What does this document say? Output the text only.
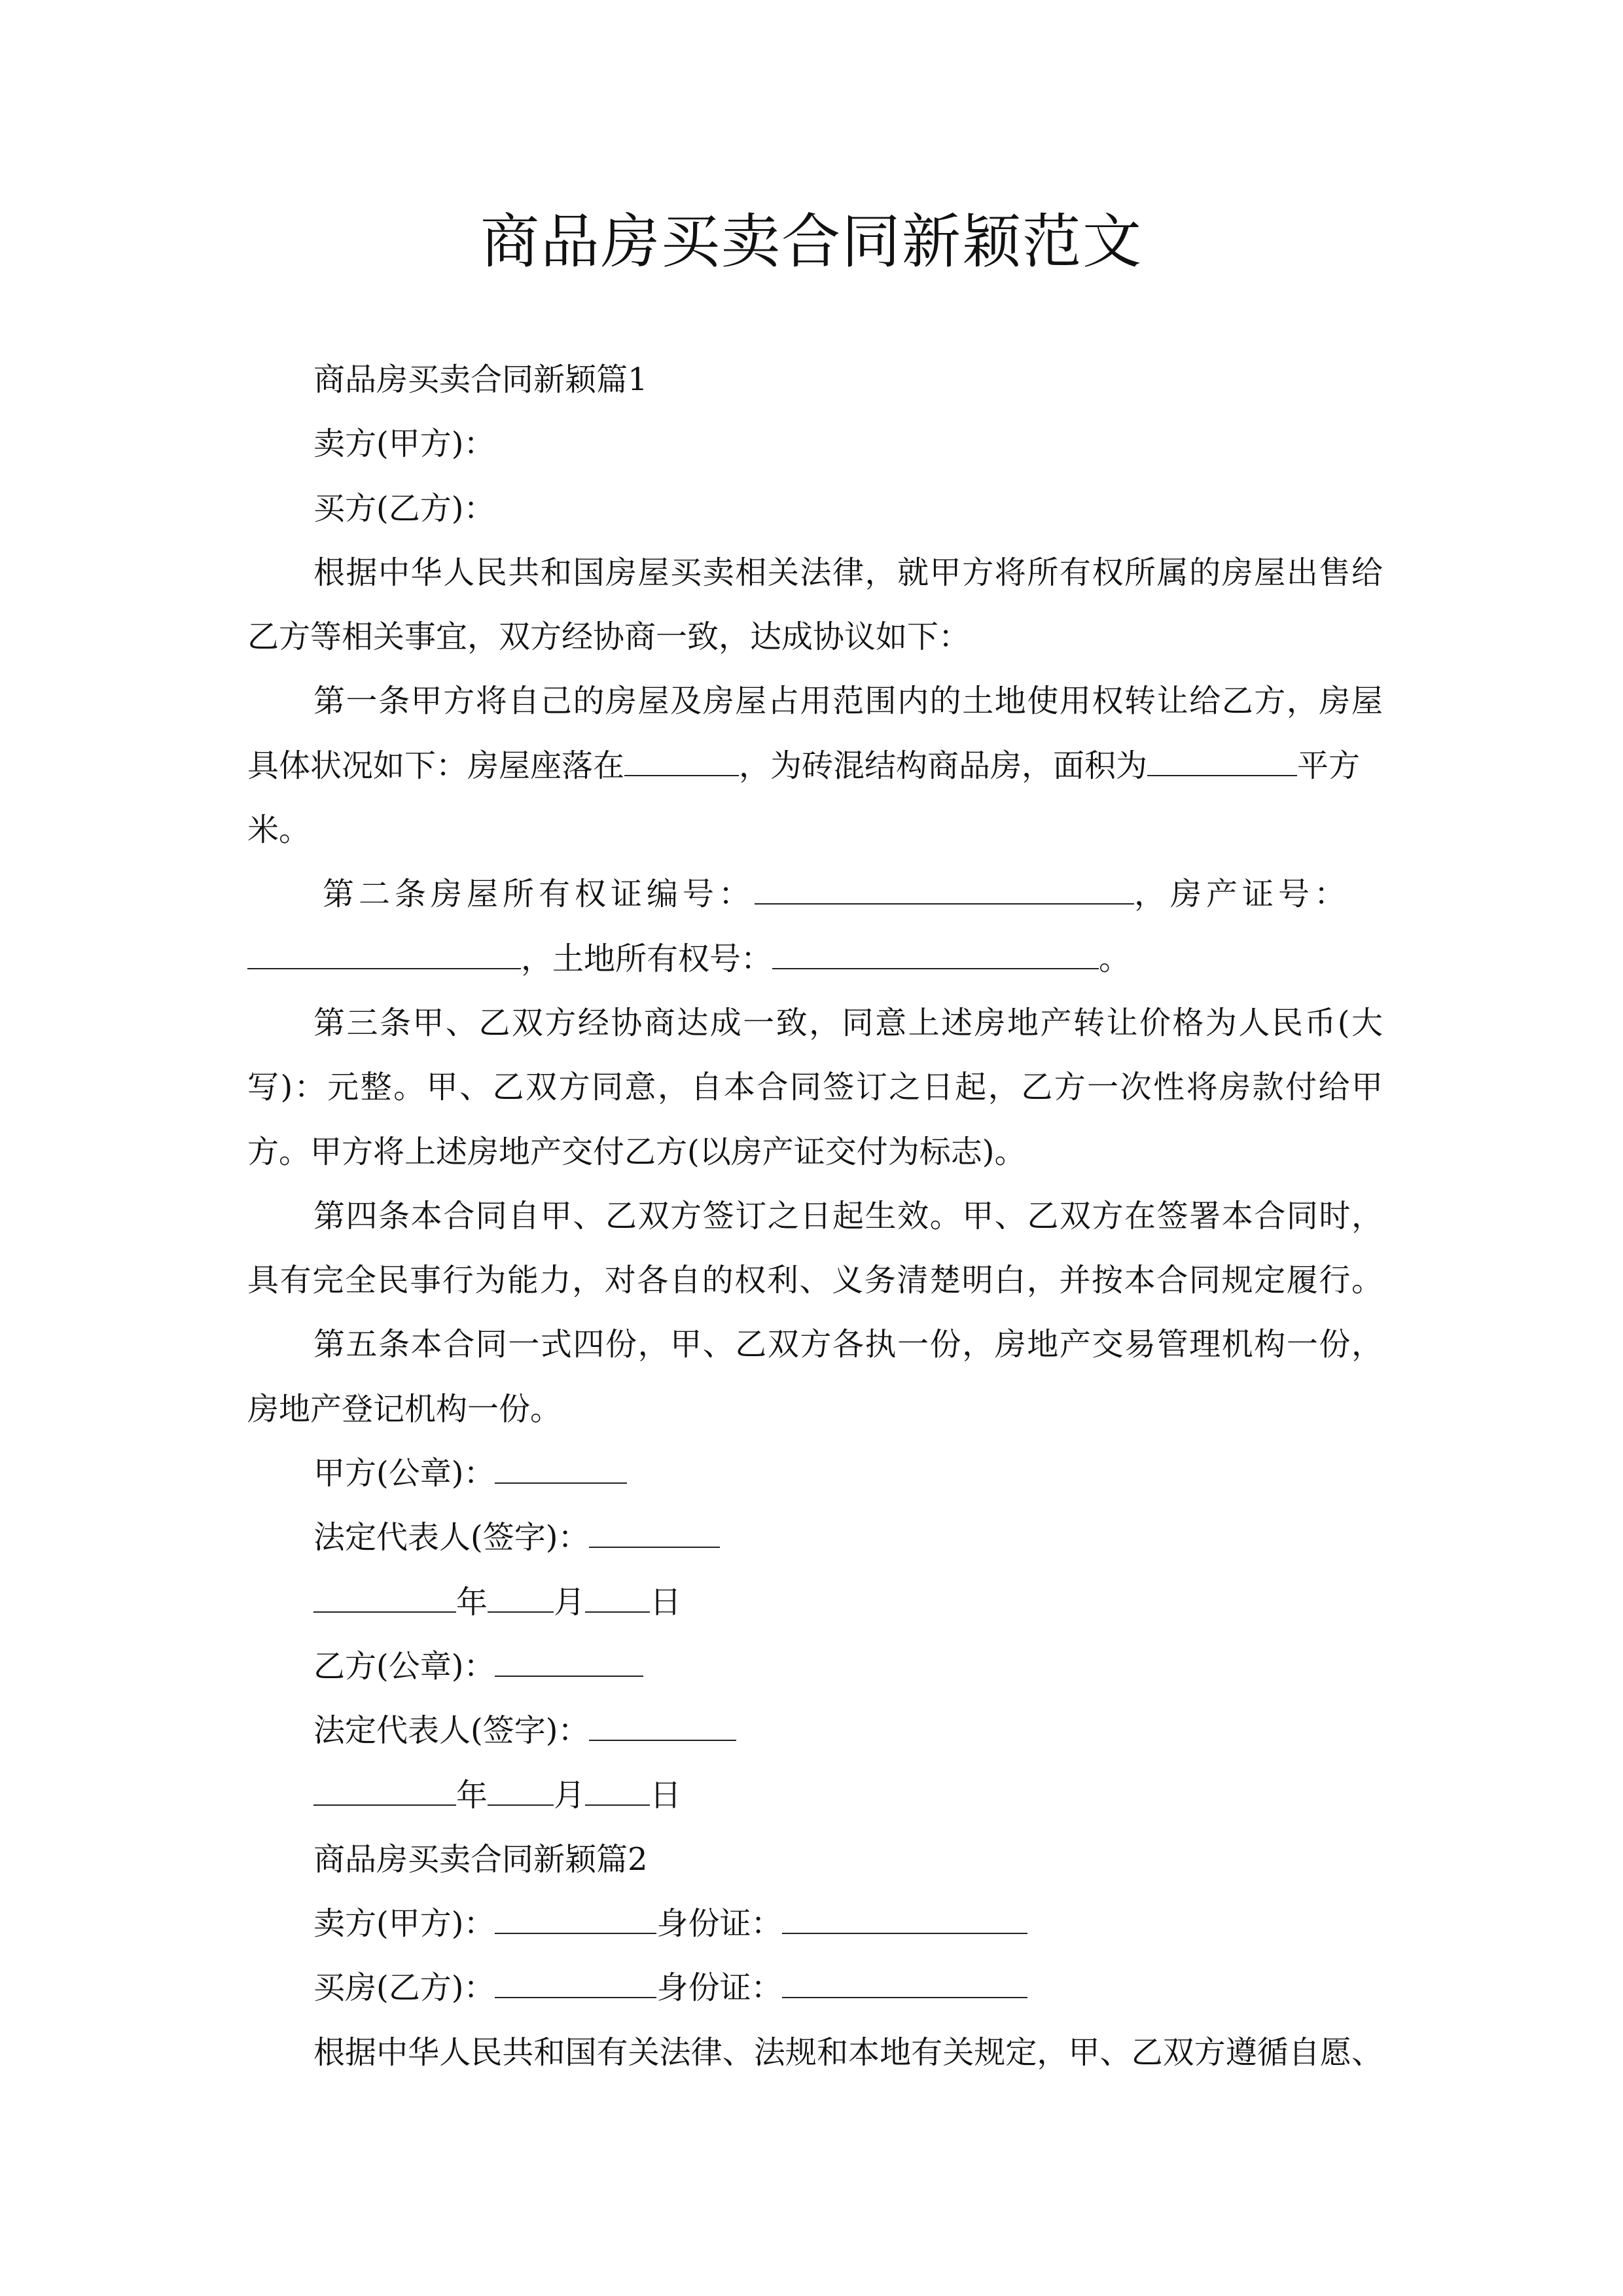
商品房买卖合同新颖范文
商品房买卖合同新颖篇1
卖方(甲方)：
买方(乙方)：
根据中华人民共和国房屋买卖相关法律，就甲方将所有权所属的房屋出售给
乙方等相关事宜，双方经协商一致，达成协议如下：
第一条甲方将自己的房屋及房屋占用范围内的土地使用权转让给乙方，房屋
具体状况如下：房屋座落在	，为砖混结构商品房，面积为	平方
米。
第二条房屋所有权证编号：	，房产证号：
，土地所有权号：	。
第三条甲、乙双方经协商达成一致，同意上述房地产转让价格为人民币(大
写)：元整。甲、乙双方同意，自本合同签订之日起，乙方一次性将房款付给甲
方。甲方将上述房地产交付乙方(以房产证交付为标志)。
第四条本合同自甲、乙双方签订之日起生效。甲、乙双方在签署本合同时，
具有完全民事行为能力，对各自的权利、义务清楚明白，并按本合同规定履行。
第五条本合同一式四份，甲、乙双方各执一份，房地产交易管理机构一份，
房地产登记机构一份。
甲方(公章)：
法定代表人(签字)：
年 月 日
乙方(公章)：
法定代表人(签字)：
年 月 日
商品房买卖合同新颖篇2
卖方(甲方)：	身份证：
买房(乙方)：	身份证：
根据中华人民共和国有关法律、法规和本地有关规定，甲、乙双方遵循自愿、
